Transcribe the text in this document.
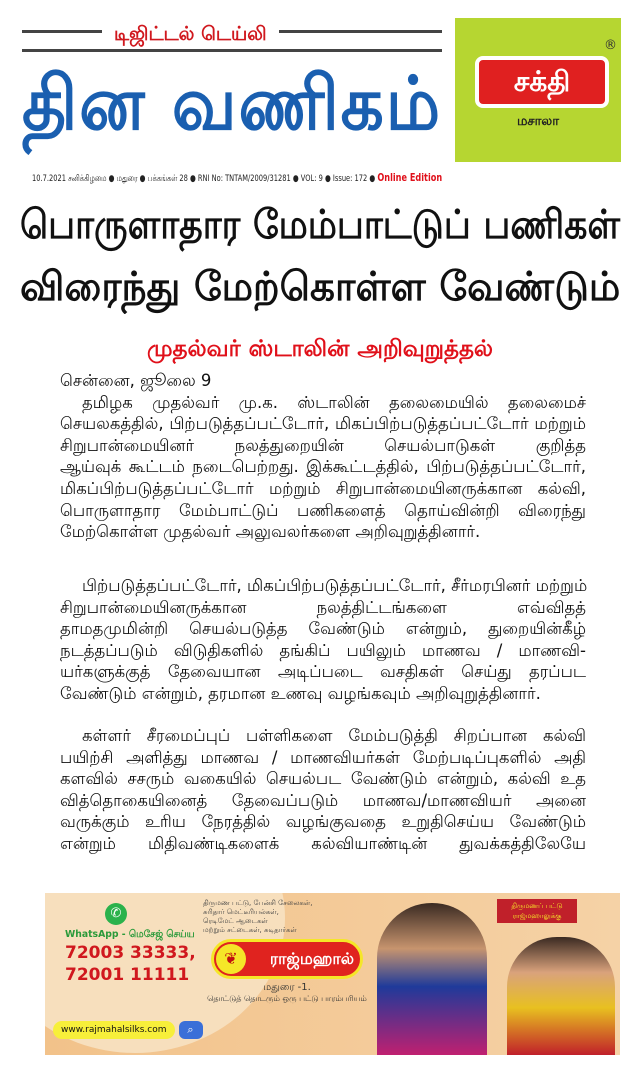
டிஜிட்டல் டெய்லி
தின வணிகம்
10.7.2021 சனிக்கிழமை ● மதுரை ● பக்கங்கள் 28 ● RNI No: TNTAM/2009/31281 ● VOL: 9 ● Issue: 172 ● Online Edition
சக்தி
®
மசாலா
பொருளாதார மேம்பாட்டுப் பணிகள்
விரைந்து மேற்கொள்ள வேண்டும்
முதல்வர் ஸ்டாலின் அறிவுறுத்தல்
சென்னை, ஜூலை 9
தமிழக முதல்வர் மு.க. ஸ்டாலின் தலைமையில் தலைமைச்
செயலகத்தில், பிற்படுத்தப்பட்டோர், மிகப்பிற்படுத்தப்பட்டோர் மற்றும்
சிறுபான்மையினர் நலத்துறையின் செயல்பாடுகள் குறித்த
ஆய்வுக் கூட்டம் நடைபெற்றது. இக்கூட்டத்தில், பிற்படுத்தப்பட்டோர்,
மிகப்பிற்படுத்தப்பட்டோர் மற்றும் சிறுபான்மையினருக்கான கல்வி,
பொருளாதார மேம்பாட்டுப் பணிகளைத் தொய்வின்றி விரைந்து
மேற்கொள்ள முதல்வர் அலுவலர்களை அறிவுறுத்தினார்.
பிற்படுத்தப்பட்டோர், மிகப்பிற்படுத்தப்பட்டோர், சீர்மரபினர் மற்றும்
சிறுபான்மையினருக்கான நலத்திட்டங்களை எவ்விதத்
தாமதமுமின்றி செயல்படுத்த வேண்டும் என்றும், துறையின்கீழ்
நடத்தப்படும் விடுதிகளில் தங்கிப் பயிலும் மாணவ / மாணவி-
யர்களுக்குத் தேவையான அடிப்படை வசதிகள் செய்து தரப்பட
வேண்டும் என்றும், தரமான உணவு வழங்கவும் அறிவுறுத்தினார்.
கள்ளர் சீரமைப்புப் பள்ளிகளை மேம்படுத்தி சிறப்பான கல்வி
பயிற்சி அளித்து மாணவ / மாணவியர்கள் மேற்படிப்புகளில் அதி
களவில் சசரும் வகையில் செயல்பட வேண்டும் என்றும், கல்வி உத
வித்தொகையினைத் தேவைப்படும் மாணவ/மாணவியர் அனை
வருக்கும் உரிய நேரத்தில் வழங்குவதை உறுதிசெய்ய வேண்டும்
என்றும் மிதிவண்டிகளைக் கல்வியாண்டின் துவக்கத்திலேயே
✆
WhatsApp - மெசேஜ் செய்ய
72003 33333,
72001 11111
www.rajmahalsilks.com	⌕
திருமணப் பட்டு ராஜ்மஹாலுக்கு
திருமண பட்டு, பேன்சி சேலைகள்,
சுரிதார் மெட்டீரியல்கள்,
ரெடிமேட் ஆடைகள்
மற்றும் சட்டைகள், சுடிதார்கள்
❦	ராஜ்மஹால்
மதுரை -1.
தொட்டுத் தொடரும் ஒரு பட்டு பாரம்பரியம்
